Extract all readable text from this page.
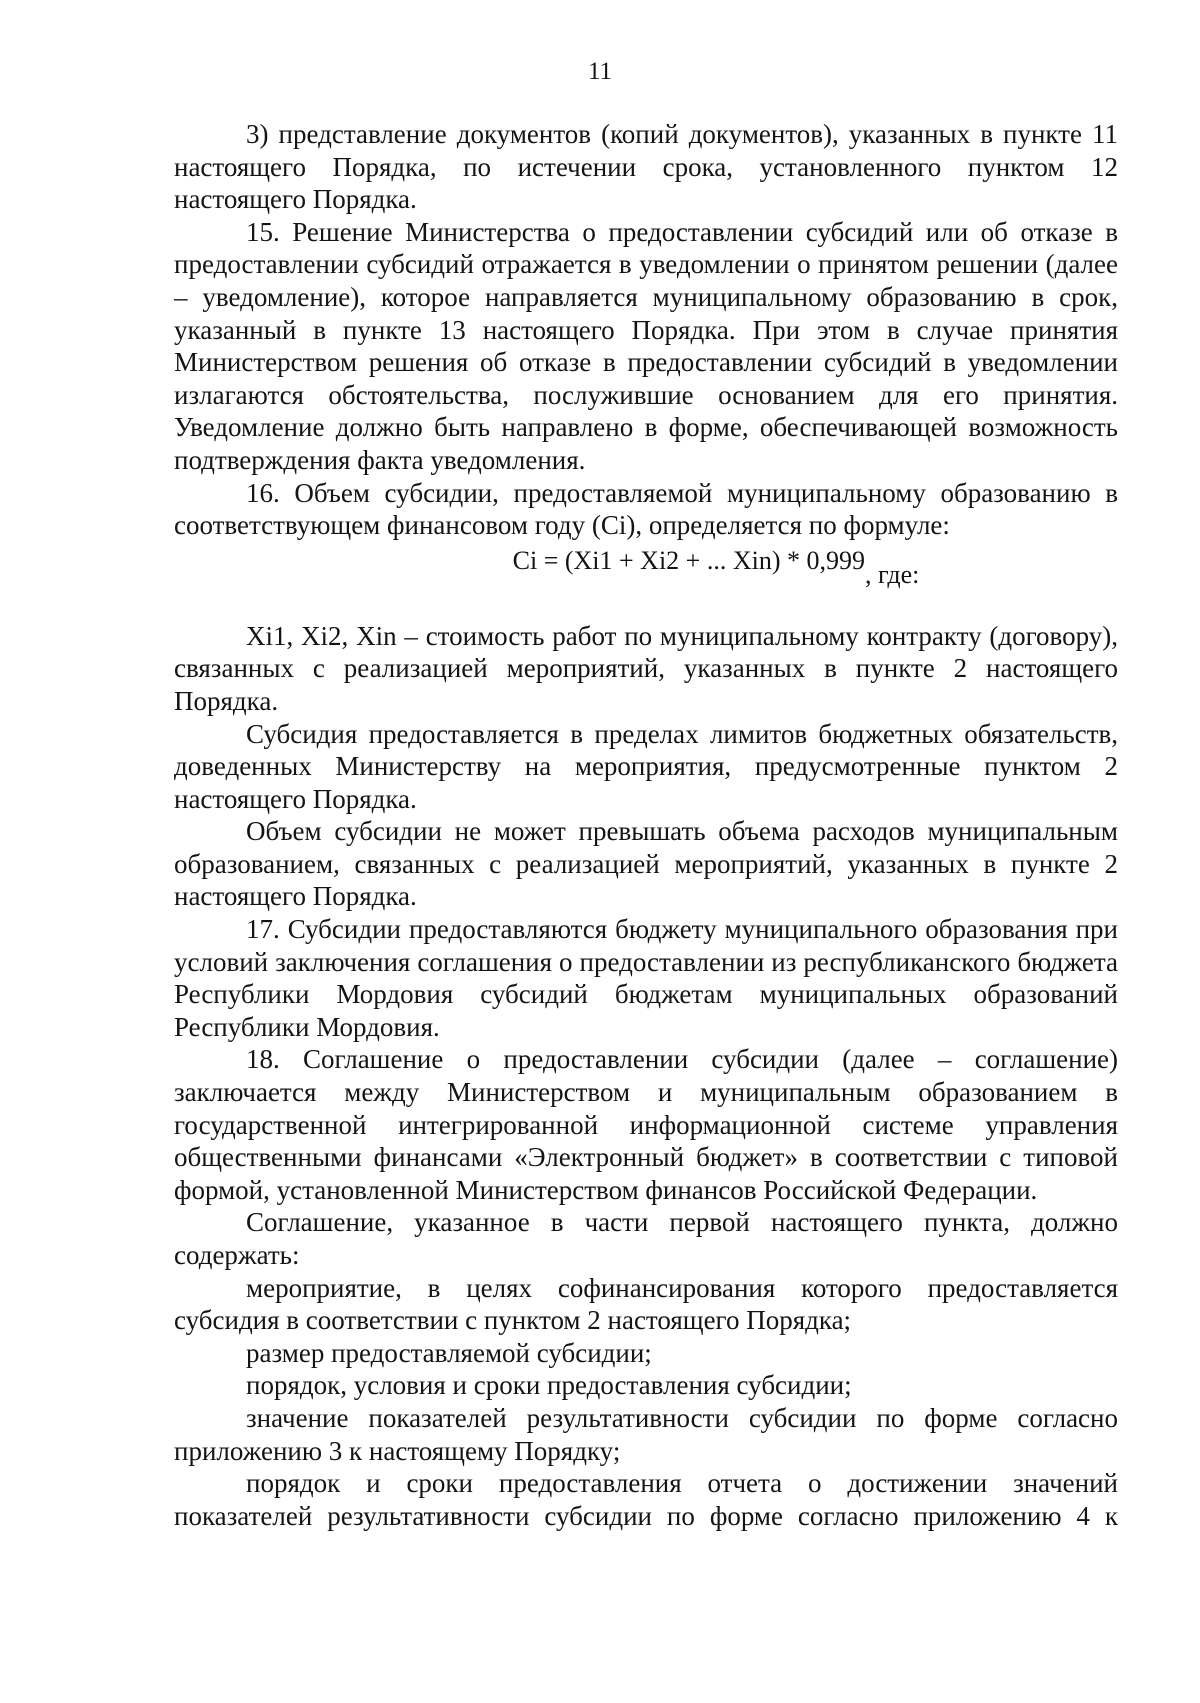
11

3) представление документов (копий документов), указанных в пункте 11 настоящего Порядка, по истечении срока, установленного пунктом 12 настоящего Порядка.

15. Решение Министерства о предоставлении субсидий или об отказе в предоставлении субсидий отражается в уведомлении о принятом решении (далее – уведомление), которое направляется муниципальному образованию в срок, указанный в пункте 13 настоящего Порядка. При этом в случае принятия Министерством решения об отказе в предоставлении субсидий в уведомлении излагаются обстоятельства, послужившие основанием для его принятия. Уведомление должно быть направлено в форме, обеспечивающей возможность подтверждения факта уведомления.

16. Объем субсидии, предоставляемой муниципальному образованию в соответствующем финансовом году (Ci), определяется по формуле:

Ci = (Xi1 + Xi2 + ... Xin) * 0,999, где:

Xi1, Xi2, Xin – стоимость работ по муниципальному контракту (договору), связанных с реализацией мероприятий, указанных в пункте 2 настоящего Порядка.

Субсидия предоставляется в пределах лимитов бюджетных обязательств, доведенных Министерству на мероприятия, предусмотренные пунктом 2 настоящего Порядка.

Объем субсидии не может превышать объема расходов муниципальным образованием, связанных с реализацией мероприятий, указанных в пункте 2 настоящего Порядка.

17. Субсидии предоставляются бюджету муниципального образования при условий заключения соглашения о предоставлении из республиканского бюджета Республики Мордовия субсидий бюджетам муниципальных образований Республики Мордовия.

18. Соглашение о предоставлении субсидии (далее – соглашение) заключается между Министерством и муниципальным образованием в государственной интегрированной информационной системе управления общественными финансами «Электронный бюджет» в соответствии с типовой формой, установленной Министерством финансов Российской Федерации.

Соглашение, указанное в части первой настоящего пункта, должно содержать:

мероприятие, в целях софинансирования которого предоставляется субсидия в соответствии с пунктом 2 настоящего Порядка;

размер предоставляемой субсидии;

порядок, условия и сроки предоставления субсидии;

значение показателей результативности субсидии по форме согласно приложению 3 к настоящему Порядку;

порядок и сроки предоставления отчета о достижении значений показателей результативности субсидии по форме согласно приложению 4 к
